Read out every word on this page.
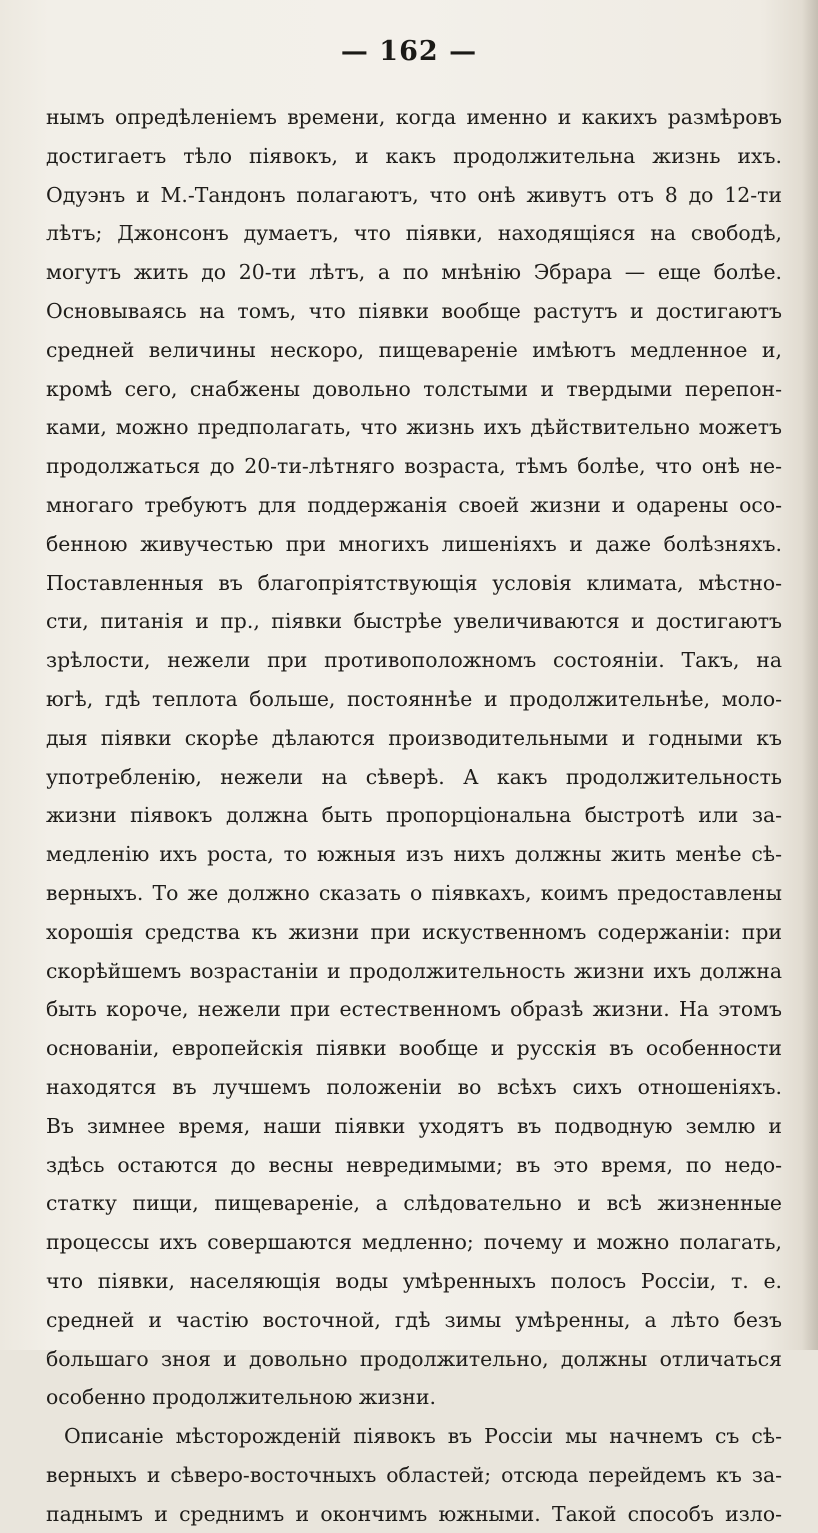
— 162 —
нымъ опредѣленіемъ времени, когда именно и какихъ размѣровъ
достигаетъ тѣло піявокъ, и какъ продолжительна жизнь ихъ.
Одуэнъ и М.-Тандонъ полагаютъ, что онѣ живутъ отъ 8 до 12-ти
лѣтъ; Джонсонъ думаетъ, что піявки, находящіяся на свободѣ,
могутъ жить до 20-ти лѣтъ, а по мнѣнію Эбрара — еще болѣе.
Основываясь на томъ, что піявки вообще растутъ и достигаютъ
средней величины нескоро, пищевареніе имѣютъ медленное и,
кромѣ сего, снабжены довольно толстыми и твердыми перепон-
ками, можно предполагать, что жизнь ихъ дѣйствительно можетъ
продолжаться до 20-ти-лѣтняго возраста, тѣмъ болѣе, что онѣ не-
многаго требуютъ для поддержанія своей жизни и одарены осо-
бенною живучестью при многихъ лишеніяхъ и даже болѣзняхъ.
Поставленныя въ благопріятствующія условія климата, мѣстно-
сти, питанія и пр., піявки быстрѣе увеличиваются и достигаютъ
зрѣлости, нежели при противоположномъ состояніи. Такъ, на
югѣ, гдѣ теплота больше, постояннѣе и продолжительнѣе, моло-
дыя піявки скорѣе дѣлаются производительными и годными къ
употребленію, нежели на сѣверѣ. А какъ продолжительность
жизни піявокъ должна быть пропорціональна быстротѣ или за-
медленію ихъ роста, то южныя изъ нихъ должны жить менѣе сѣ-
верныхъ. То же должно сказать о піявкахъ, коимъ предоставлены
хорошія средства къ жизни при искуственномъ содержаніи: при
скорѣйшемъ возрастаніи и продолжительность жизни ихъ должна
быть короче, нежели при естественномъ образѣ жизни. На этомъ
основаніи, европейскія піявки вообще и русскія въ особенности
находятся въ лучшемъ положеніи во всѣхъ сихъ отношеніяхъ.
Въ зимнее время, наши піявки уходятъ въ подводную землю и
здѣсь остаются до весны невредимыми; въ это время, по недо-
статку пищи, пищевареніе, а слѣдовательно и всѣ жизненные
процессы ихъ совершаются медленно; почему и можно полагать,
что піявки, населяющія воды умѣренныхъ полосъ Россіи, т. е.
средней и частію восточной, гдѣ зимы умѣренны, а лѣто безъ
большаго зноя и довольно продолжительно, должны отличаться
особенно продолжительною жизни.
Описаніе мѣсторожденій піявокъ въ Россіи мы начнемъ съ сѣ-
верныхъ и сѣверо-восточныхъ областей; отсюда перейдемъ къ за-
паднымъ и среднимъ и окончимъ южными. Такой способъ изло-
